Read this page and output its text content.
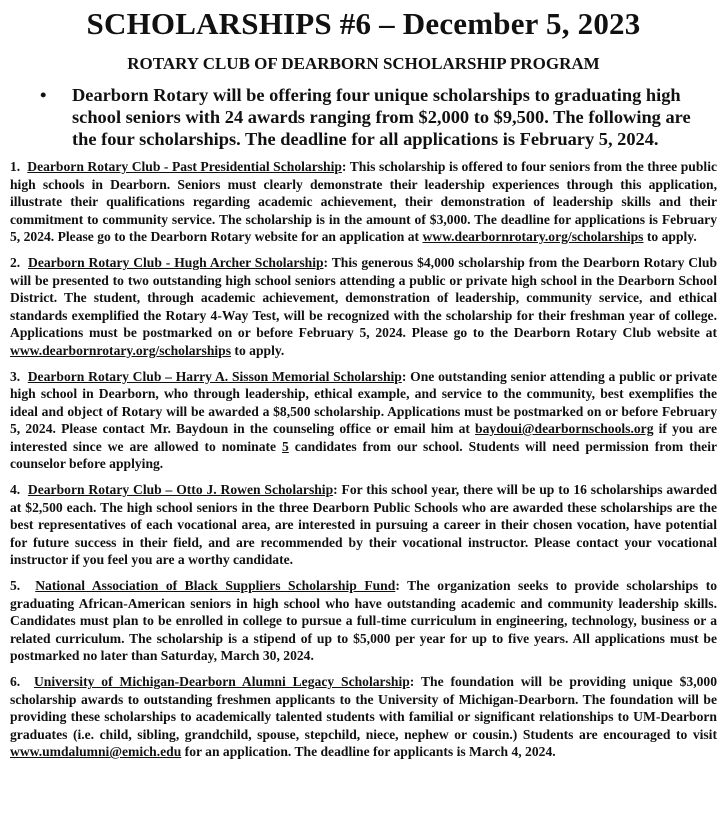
SCHOLARSHIPS #6 – December 5, 2023
ROTARY CLUB OF DEARBORN SCHOLARSHIP PROGRAM
• Dearborn Rotary will be offering four unique scholarships to graduating high school seniors with 24 awards ranging from $2,000 to $9,500. The following are the four scholarships. The deadline for all applications is February 5, 2024.

1. Dearborn Rotary Club - Past Presidential Scholarship: This scholarship is offered to four seniors from the three public high schools in Dearborn. Seniors must clearly demonstrate their leadership experiences through this application, illustrate their qualifications regarding academic achievement, their demonstration of leadership skills and their commitment to community service. The scholarship is in the amount of $3,000. The deadline for applications is February 5, 2024. Please go to the Dearborn Rotary website for an application at www.dearbornrotary.org/scholarships to apply.

2. Dearborn Rotary Club - Hugh Archer Scholarship: This generous $4,000 scholarship from the Dearborn Rotary Club will be presented to two outstanding high school seniors attending a public or private high school in the Dearborn School District. The student, through academic achievement, demonstration of leadership, community service, and ethical standards exemplified the Rotary 4-Way Test, will be recognized with the scholarship for their freshman year of college. Applications must be postmarked on or before February 5, 2024. Please go to the Dearborn Rotary Club website at www.dearbornrotary.org/scholarships to apply.

3. Dearborn Rotary Club – Harry A. Sisson Memorial Scholarship: One outstanding senior attending a public or private high school in Dearborn, who through leadership, ethical example, and service to the community, best exemplifies the ideal and object of Rotary will be awarded a $8,500 scholarship. Applications must be postmarked on or before February 5, 2024. Please contact Mr. Baydoun in the counseling office or email him at baydoui@dearbornschools.org if you are interested since we are allowed to nominate 5 candidates from our school. Students will need permission from their counselor before applying.

4. Dearborn Rotary Club – Otto J. Rowen Scholarship: For this school year, there will be up to 16 scholarships awarded at $2,500 each. The high school seniors in the three Dearborn Public Schools who are awarded these scholarships are the best representatives of each vocational area, are interested in pursuing a career in their chosen vocation, have potential for future success in their field, and are recommended by their vocational instructor. Please contact your vocational instructor if you feel you are a worthy candidate.

5. National Association of Black Suppliers Scholarship Fund: The organization seeks to provide scholarships to graduating African-American seniors in high school who have outstanding academic and community leadership skills. Candidates must plan to be enrolled in college to pursue a full-time curriculum in engineering, technology, business or a related curriculum. The scholarship is a stipend of up to $5,000 per year for up to five years. All applications must be postmarked no later than Saturday, March 30, 2024.

6. University of Michigan-Dearborn Alumni Legacy Scholarship: The foundation will be providing unique $3,000 scholarship awards to outstanding freshmen applicants to the University of Michigan-Dearborn. The foundation will be providing these scholarships to academically talented students with familial or significant relationships to UM-Dearborn graduates (i.e. child, sibling, grandchild, spouse, stepchild, niece, nephew or cousin.) Students are encouraged to visit www.umdalumni@emich.edu for an application. The deadline for applicants is March 4, 2024.
